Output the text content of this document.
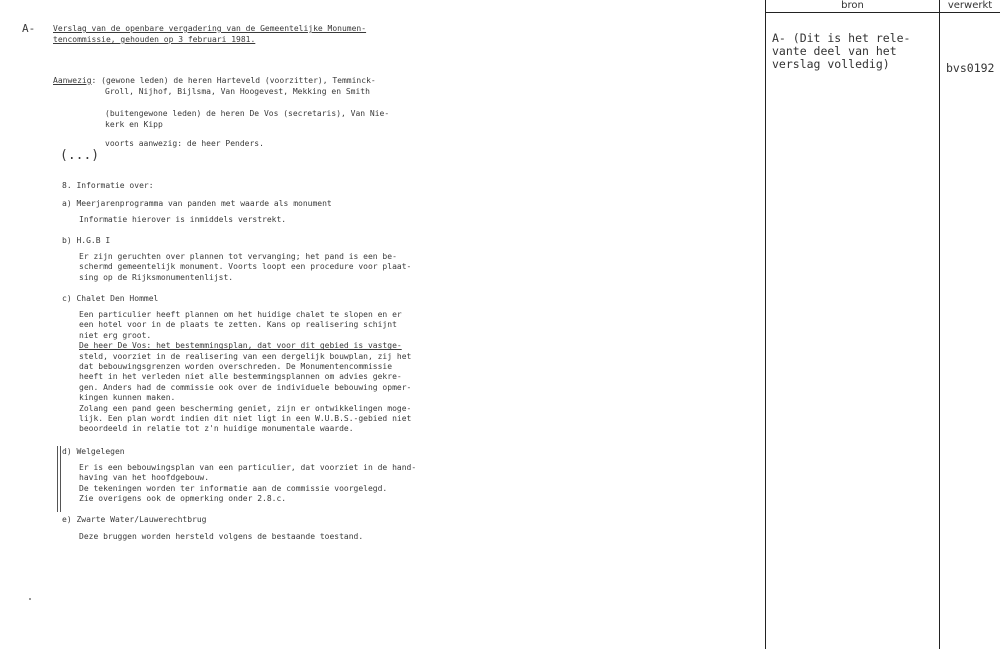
A- Verslag van de openbare vergadering van de Gemeentelijke Monumen-
tencommissie, gehouden op 3 februari 1981.
Aanwezig: (gewone leden) de heren Harteveld (voorzitter), Temminck-
Groll, Nijhof, Bijlsma, Van Hoogevest, Mekking en Smith
(buitengewone leden) de heren De Vos (secretaris), Van Nie-
kerk en Kipp
voorts aanwezig: de heer Penders.
(...)
8. Informatie over:
a) Meerjarenprogramma van panden met waarde als monument
Informatie hierover is inmiddels verstrekt.
b) H.G.B I
Er zijn geruchten over plannen tot vervanging; het pand is een be-
schermd gemeentelijk monument. Voorts loopt een procedure voor plaat-
sing op de Rijksmonumentenlijst.
c) Chalet Den Hommel
Een particulier heeft plannen om het huidige chalet te slopen en er
een hotel voor in de plaats te zetten. Kans op realisering schijnt
niet erg groot.
De heer De Vos: het bestemmingsplan, dat voor dit gebied is vastge-
steld, voorziet in de realisering van een dergelijk bouwplan, zij het
dat bebouwingsgrenzen worden overschreden. De Monumentencommissie
heeft in het verleden niet alle bestemmingsplannen om advies gekre-
gen. Anders had de commissie ook over de individuele bebouwing opmer-
kingen kunnen maken.
Zolang een pand geen bescherming geniet, zijn er ontwikkelingen moge-
lijk. Een plan wordt indien dit niet ligt in een W.U.B.S.-gebied niet
beoordeeld in relatie tot z'n huidige monumentale waarde.
d) Welgelegen
Er is een bebouwingsplan van een particulier, dat voorziet in de hand-
having van het hoofdgebouw.
De tekeningen worden ter informatie aan de commissie voorgelegd.
Zie overigens ook de opmerking onder 2.8.c.
e) Zwarte Water/Lauwerechtbrug
Deze bruggen worden hersteld volgens de bestaande toestand.
bron	verwerkt
A- (Dit is het rele-
vante deel van het
verslag volledig)	bvs0192
